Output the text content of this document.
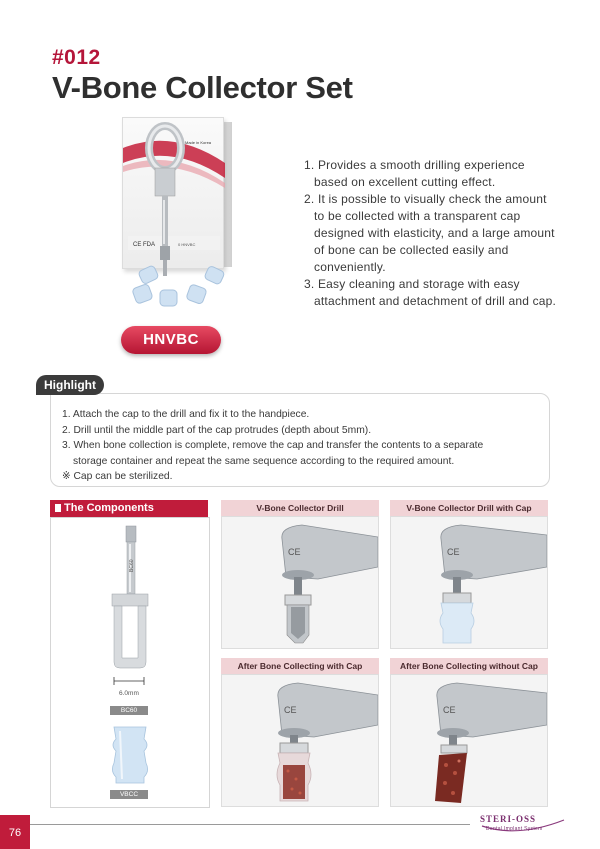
#012
V-Bone Collector Set
CE FDA	0 HNVBC
Made in Korea
HNVBC
1. Provides a smooth drilling experience based on excellent cutting effect.
2. It is possible to visually check the amount to be collected with a transparent cap designed with elasticity, and a large amount of bone can be collected easily and conveniently.
3. Easy cleaning and storage with easy attachment and detachment of drill and cap.
Highlight
1. Attach the cap to the drill and fix it to the handpiece.
2. Drill until the middle part of the cap protrudes (depth about 5mm).
3. When bone collection is complete, remove the cap and transfer the contents to a separate
storage container and repeat the same sequence according to the required amount.
※ Cap can be sterilized.
The Components
BC60
6.0mm
BC60
VBCC
V-Bone Collector Drill
CE
V-Bone Collector Drill with Cap
CE
After Bone Collecting with Cap
CE
After Bone Collecting without Cap
CE
76
STERI-OSS
Dental Implant System
